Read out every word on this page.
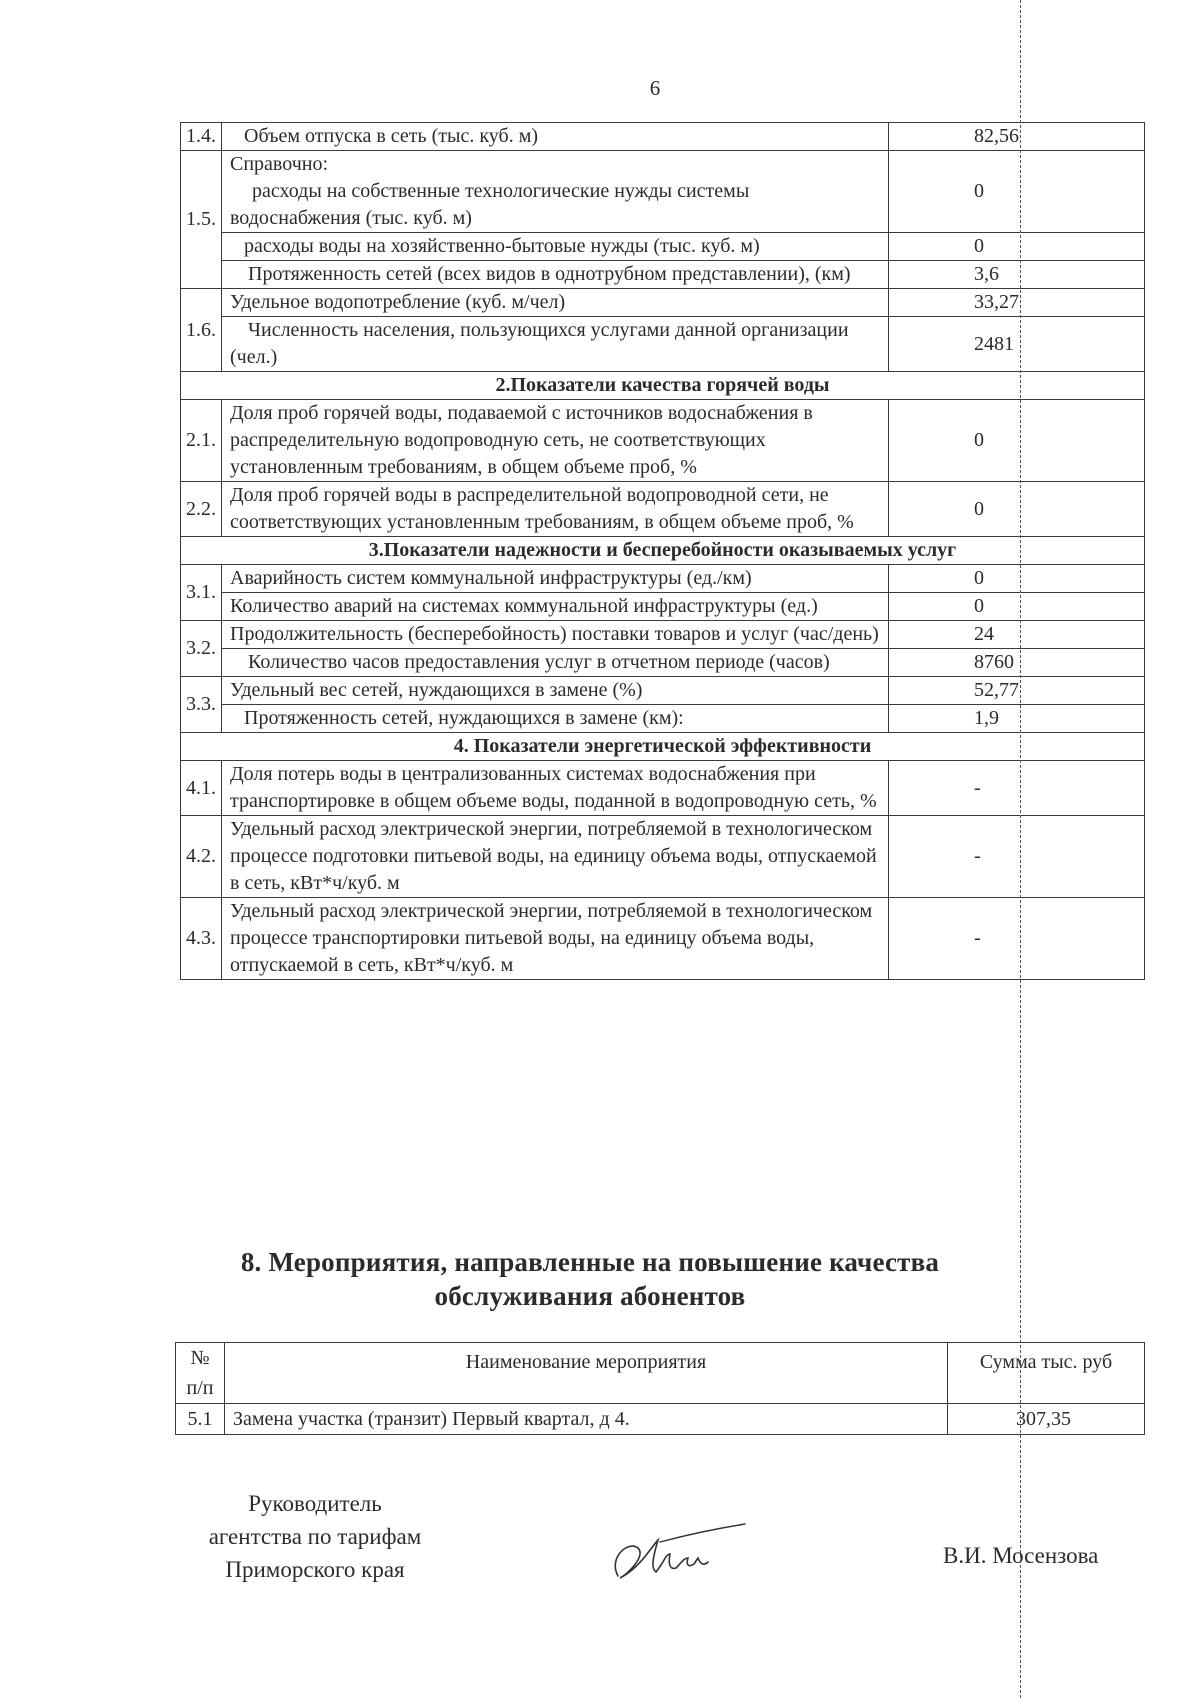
6
1.4.	Объем отпуска в сеть (тыс. куб. м)	82,56
1.5.	Справочно:
расходы на собственные технологические нужды системы водоснабжения (тыс. куб. м)	0
	расходы воды на хозяйственно-бытовые нужды (тыс. куб. м)	0

	Протяженность сетей (всех видов в однотрубном представлении), (км)	3,6
1.6.	Удельное водопотребление (куб. м/чел)	33,27

	Численность населения, пользующихся услугами данной организации (чел.)	2481
2.Показатели качества горячей воды		
2.1.	Доля проб горячей воды, подаваемой с источников водоснабжения в распределительную водопроводную сеть, не соответствующих установленным требованиям, в общем объеме проб, %	0
2.2.	Доля проб горячей воды в распределительной водопроводной сети, не соответствующих установленным требованиям, в общем объеме проб, %	0
3.Показатели надежности и бесперебойности оказываемых услуг		
3.1.	Аварийность систем коммунальной инфраструктуры (ед./км)	0
	Количество аварий на системах коммунальной инфраструктуры (ед.)	0
3.2.	Продолжительность (бесперебойность) поставки товаров и услуг (час/день)	24

	Количество часов предоставления услуг в отчетном периоде (часов)	8760
3.3.	Удельный вес сетей, нуждающихся в замене (%)	52,77
	Протяженность сетей, нуждающихся в замене (км):	1,9
4. Показатели энергетической эффективности		
4.1.	Доля потерь воды в централизованных системах водоснабжения при транспортировке в общем объеме воды, поданной в водопроводную сеть, %	-
4.2.	Удельный расход электрической энергии, потребляемой в технологическом процессе подготовки питьевой воды, на единицу объема воды, отпускаемой в сеть, кВт*ч/куб. м	-
4.3.	Удельный расход электрической энергии, потребляемой в технологическом процессе транспортировки питьевой воды, на единицу объема воды, отпускаемой в сеть, кВт*ч/куб. м	-
8. Мероприятия, направленные на повышение качества
обслуживания абонентов
№
п/п	Наименование мероприятия	Сумма тыс. руб
5.1	Замена участка (транзит) Первый квартал, д 4.	307,35
Руководитель
агентства по тарифам
Приморского края
В.И. Мосензова
